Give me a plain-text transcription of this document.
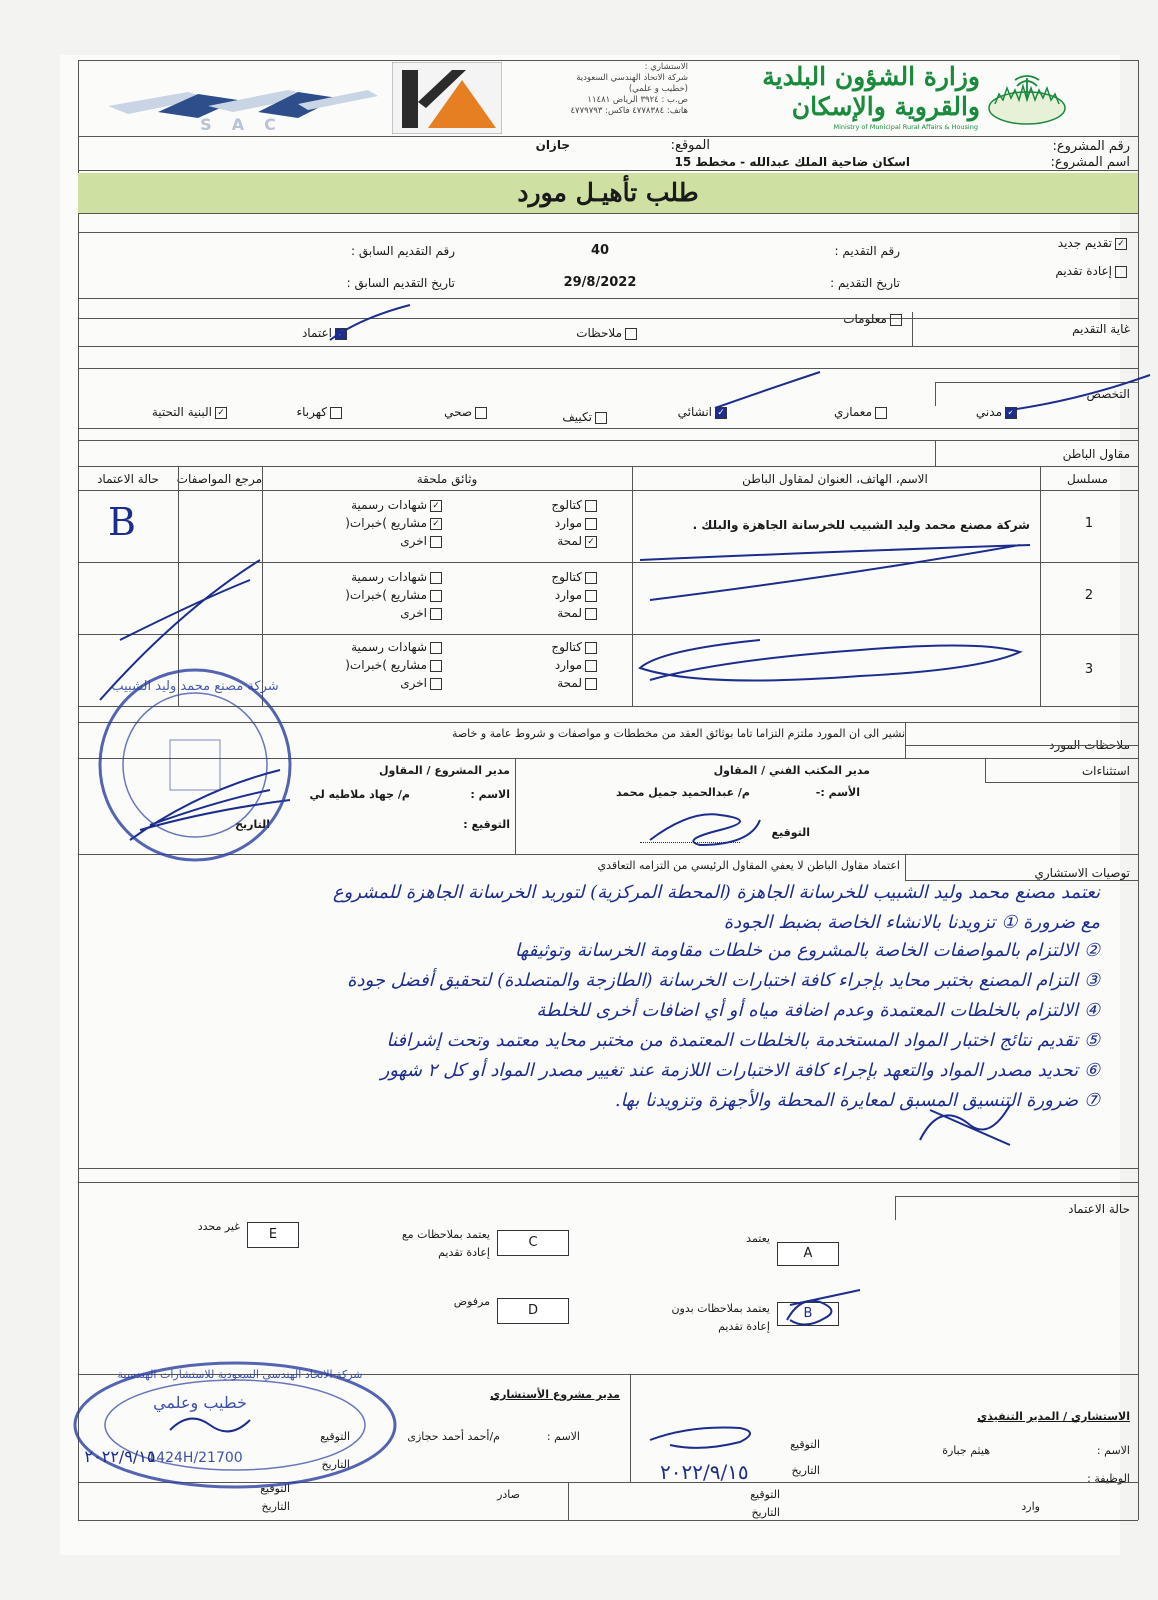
وزارة الشؤون البلدية
والقروية والإسكان
Ministry of Municipal Rural Affairs & Housing
الاستشاري :
شركة الاتحاد الهندسي السعودية
(خطيب و علمي)
ص.ب : ٣٩٢٤ الرياض ١١٤٨١
هاتف: ٤٧٧٨٣٨٤ فاكس: ٤٧٧٩٧٩٣
SAC
رقم المشروع:
اسم المشروع:
اسكان ضاحية الملك عبدالله - مخطط 15
الموقع:
جازان
طلب تأهيـل مورد
✓تقديم جديد
إعادة تقديم
رقم التقديم :
40
رقم التقديم السابق :
تاريخ التقديم :
29/8/2022
تاريخ التقديم السابق :
غاية التقديم
معلومات
ملاحظات
✓اعتماد
التخصص
✓مدني
معماري
✓انشائي
تكييف
صحي
كهرباء
✓البنية التحتية
مقاول الباطن
مسلسل
الاسم، الهاتف، العنوان لمقاول الباطن
وثائق ملحقة
مرجع المواصفات
حالة الاعتماد
1
شركة مصنع محمد وليد الشبيب للخرسانة الجاهزة والبلك .
كتالوج
موارد
✓لمحة
✓شهادات رسمية
✓مشاريع )خبرات(
اخرى
B
2
كتالوج
موارد
لمحة
شهادات رسمية
مشاريع )خبرات(
اخرى
3
كتالوج
موارد
لمحة
شهادات رسمية
مشاريع )خبرات(
اخرى
ملاحظات المورد
نشير الى ان المورد ملتزم التزاما تاما بوثائق العقد من مخططات و مواصفات و شروط عامة و خاصة
استثناءات
مدير المكتب الفني / المقاول
الأسم :-
م/ عبدالحميد جميل محمد
التوقيع
مدير المشروع / المقاول
الاسم :
م/ جهاد ملاطيه لي
التوقيع :
التاريخ
توصيات الاستشاري
اعتماد مقاول الباطن لا يعفي المقاول الرئيسي من التزامه التعاقدي
نعتمد مصنع محمد وليد الشبيب للخرسانة الجاهزة (المحطة المركزية) لتوريد الخرسانة الجاهزة للمشروع
مع ضرورة ① تزويدنا بالانشاء الخاصة بضبط الجودة
② الالتزام بالمواصفات الخاصة بالمشروع من خلطات مقاومة الخرسانة وتوثيقها
③ التزام المصنع بختبر محايد بإجراء كافة اختبارات الخرسانة (الطازجة والمتصلدة) لتحقيق أفضل جودة
④ الالتزام بالخلطات المعتمدة وعدم اضافة مياه أو أي اضافات أخرى للخلطة
⑤ تقديم نتائج اختبار المواد المستخدمة بالخلطات المعتمدة من مختبر محايد معتمد وتحت إشرافنا
⑥ تحديد مصدر المواد والتعهد بإجراء كافة الاختبارات اللازمة عند تغيير مصدر المواد أو كل ٢ شهور
⑦ ضرورة التنسيق المسبق لمعايرة المحطة والأجهزة وتزويدنا بها.
حالة الاعتماد
A
يعتمد
B
يعتمد بملاحظات بدون
إعادة تقديم
C
يعتمد بملاحظات مع
إعادة تقديم
D
مرفوض
E
غير محدد
الاستشاري / المدير التنفيذي
الاسم :
هيثم جبارة
الوظيفة :
التوقيع
التاريخ
٢٠٢٢/٩/١٥
مدير مشروع الأستشاري
الاسم :
م/أحمد أحمد حجازى
التوقيع
التاريخ
وارد
التوقيع
التاريخ
صادر
التوقيع
التاريخ
شركة مصنع محمد وليد الشبيب
شركة الاتحاد الهندسي السعودية للاستشارات الهندسية
خطيب وعلمي
1424H/21700
٢٠٢٢/٩/١٥
